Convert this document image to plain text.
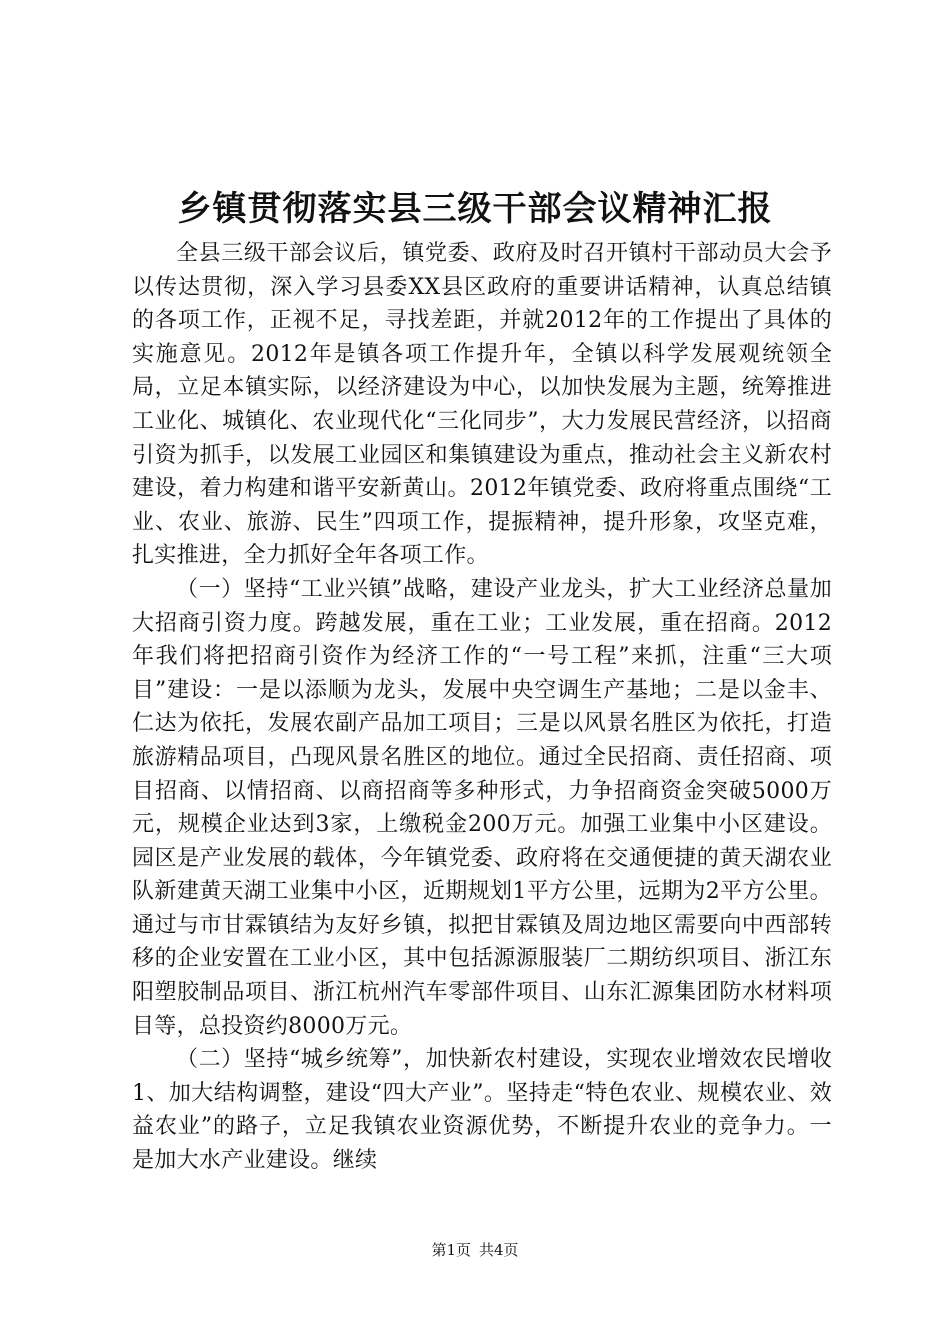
乡镇贯彻落实县三级干部会议精神汇报

全县三级干部会议后，镇党委、政府及时召开镇村干部动员大会予以传达贯彻，深入学习县委XX县区政府的重要讲话精神，认真总结镇的各项工作，正视不足，寻找差距，并就2012年的工作提出了具体的实施意见。2012年是镇各项工作提升年，全镇以科学发展观统领全局，立足本镇实际，以经济建设为中心，以加快发展为主题，统筹推进工业化、城镇化、农业现代化“三化同步”，大力发展民营经济，以招商引资为抓手，以发展工业园区和集镇建设为重点，推动社会主义新农村建设，着力构建和谐平安新黄山。2012年镇党委、政府将重点围绕“工业、农业、旅游、民生”四项工作，提振精神，提升形象，攻坚克难，扎实推进，全力抓好全年各项工作。

（一）坚持“工业兴镇”战略，建设产业龙头，扩大工业经济总量加大招商引资力度。跨越发展，重在工业；工业发展，重在招商。2012年我们将把招商引资作为经济工作的“一号工程”来抓，注重“三大项目”建设：一是以添顺为龙头，发展中央空调生产基地；二是以金丰、仁达为依托，发展农副产品加工项目；三是以风景名胜区为依托，打造旅游精品项目，凸现风景名胜区的地位。通过全民招商、责任招商、项目招商、以情招商、以商招商等多种形式，力争招商资金突破5000万元，规模企业达到3家，上缴税金200万元。加强工业集中小区建设。园区是产业发展的载体，今年镇党委、政府将在交通便捷的黄天湖农业队新建黄天湖工业集中小区，近期规划1平方公里，远期为2平方公里。通过与市甘霖镇结为友好乡镇，拟把甘霖镇及周边地区需要向中西部转移的企业安置在工业小区，其中包括源源服装厂二期纺织项目、浙江东阳塑胶制品项目、浙江杭州汽车零部件项目、山东汇源集团防水材料项目等，总投资约8000万元。

（二）坚持“城乡统筹”，加快新农村建设，实现农业增效农民增收1、加大结构调整，建设“四大产业”。坚持走“特色农业、规模农业、效益农业”的路子，立足我镇农业资源优势，不断提升农业的竞争力。一是加大水产业建设。继续

第1页 共4页
